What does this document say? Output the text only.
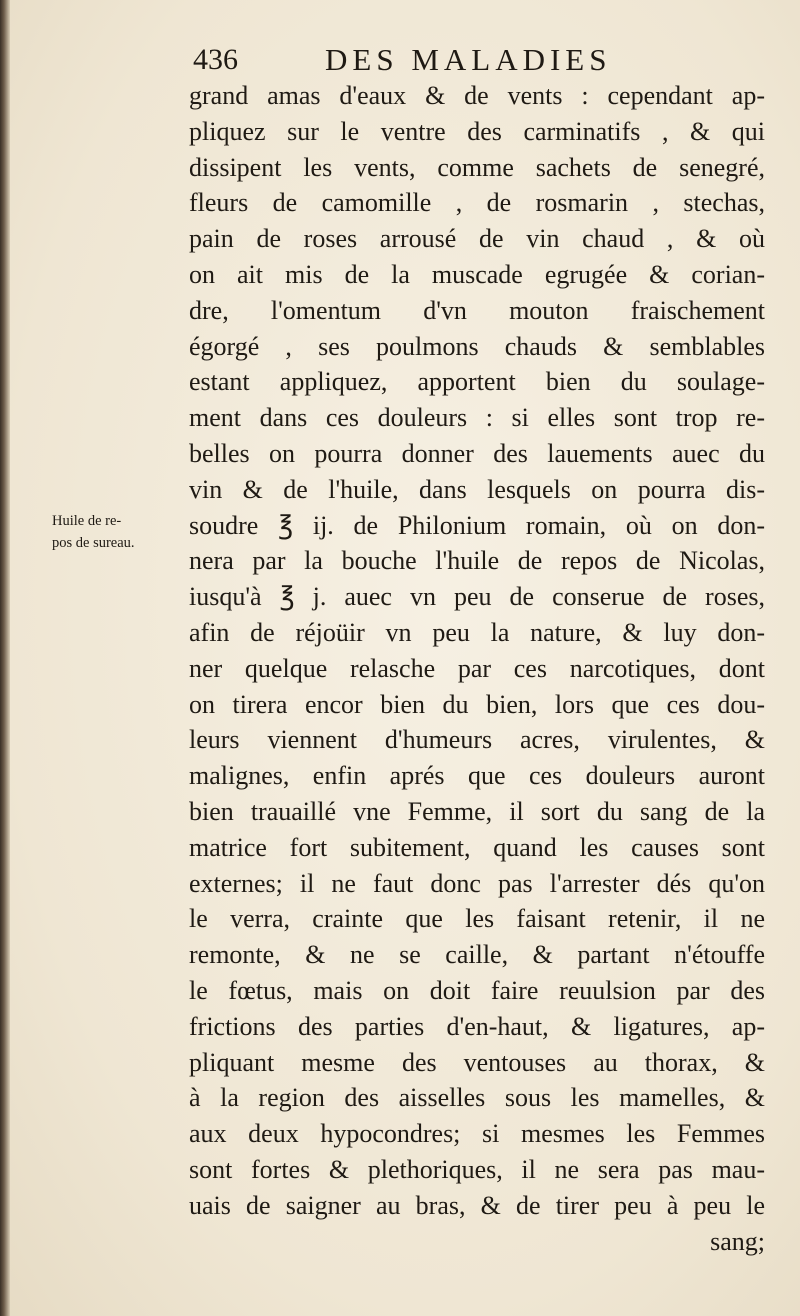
436	DES MALADIES
Huile de re-
pos de sureau.
grand amas d'eaux & de vents : cependant ap-
pliquez sur le ventre des carminatifs , & qui
dissipent les vents, comme sachets de senegré,
fleurs de camomille , de rosmarin , stechas,
pain de roses arrousé de vin chaud , & où
on ait mis de la muscade egrugée & corian-
dre, l'omentum d'vn mouton fraischement
égorgé , ses poulmons chauds & semblables
estant appliquez, apportent bien du soulage-
ment dans ces douleurs : si elles sont trop re-
belles on pourra donner des lauements auec du
vin & de l'huile, dans lesquels on pourra dis-
soudre ℥ ij. de Philonium romain, où on don-
nera par la bouche l'huile de repos de Nicolas,
iusqu'à ℥ j. auec vn peu de conserue de roses,
afin de réjoüir vn peu la nature, & luy don-
ner quelque relasche par ces narcotiques, dont
on tirera encor bien du bien, lors que ces dou-
leurs viennent d'humeurs acres, virulentes, &
malignes, enfin aprés que ces douleurs auront
bien trauaillé vne Femme, il sort du sang de la
matrice fort subitement, quand les causes sont
externes; il ne faut donc pas l'arrester dés qu'on
le verra, crainte que les faisant retenir, il ne
remonte, & ne se caille, & partant n'étouffe
le fœtus, mais on doit faire reuulsion par des
frictions des parties d'en-haut, & ligatures, ap-
pliquant mesme des ventouses au thorax, &
à la region des aisselles sous les mamelles, &
aux deux hypocondres; si mesmes les Femmes
sont fortes & plethoriques, il ne sera pas mau-
uais de saigner au bras, & de tirer peu à peu le
sang;
